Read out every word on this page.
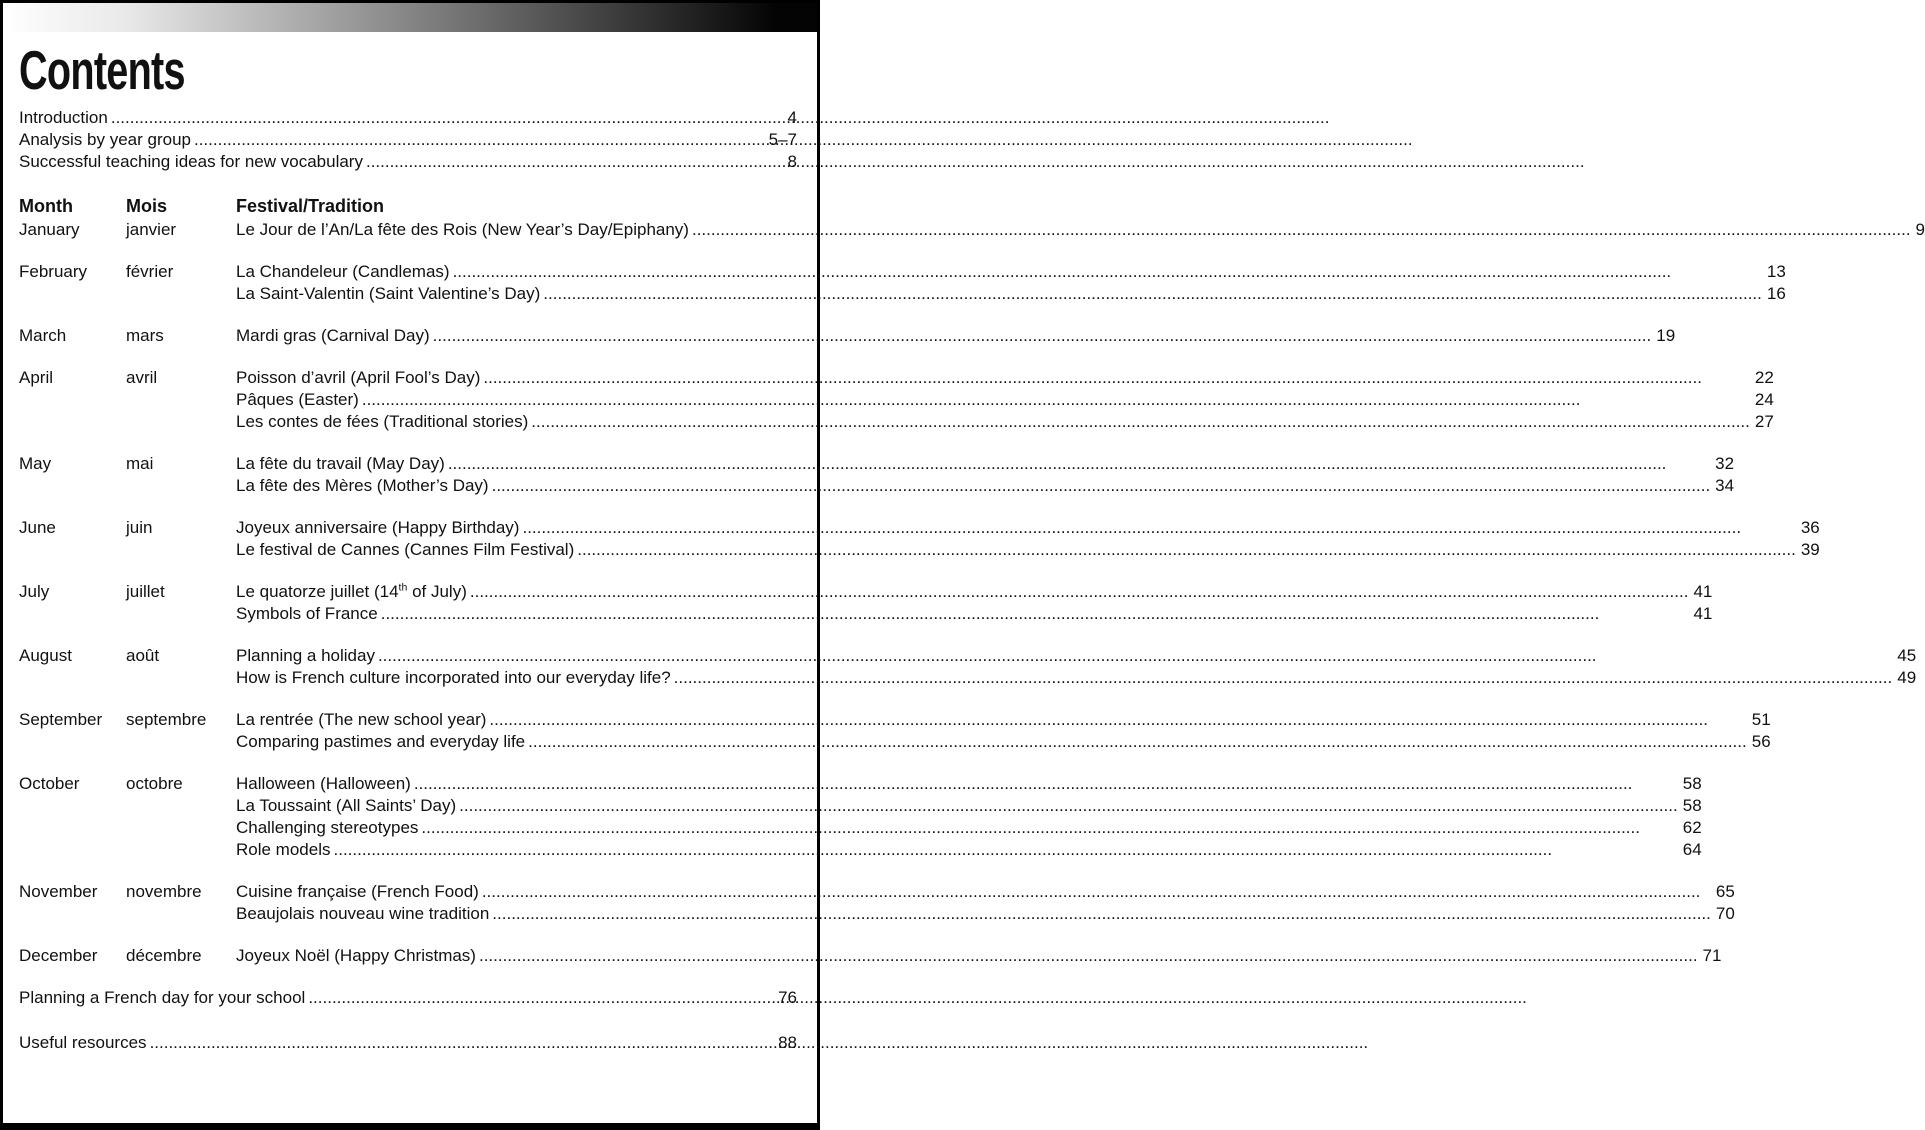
Contents
Introduction .....	4
Analysis by year group .....	5–7
Successful teaching ideas for new vocabulary .....	8
Month	Mois	Festival/Tradition
January	janvier	Le Jour de l’An/La fête des Rois (New Year’s Day/Epiphany) .....	9
February	février	La Chandeleur (Candlemas) .....	13
La Saint-Valentin (Saint Valentine’s Day) .....	16
March	mars	Mardi gras (Carnival Day) .....	19
April	avril	Poisson d’avril (April Fool’s Day) .....	22
Pâques (Easter) .....	24
Les contes de fées (Traditional stories) .....	27
May	mai	La fête du travail (May Day) .....	32
La fête des Mères (Mother’s Day) .....	34
June	juin	Joyeux anniversaire (Happy Birthday) .....	36
Le festival de Cannes (Cannes Film Festival) .....	39
July	juillet	Le quatorze juillet (14th of July) .....	41
Symbols of France .....	41
August	août	Planning a holiday .....	45
How is French culture incorporated into our everyday life? .....	49
September	septembre	La rentrée (The new school year) .....	51
Comparing pastimes and everyday life .....	56
October	octobre	Halloween (Halloween) .....	58
La Toussaint (All Saints’ Day) .....	58
Challenging stereotypes .....	62
Role models .....	64
November	novembre	Cuisine française (French Food) .....	65
Beaujolais nouveau wine tradition .....	70
December	décembre	Joyeux Noël (Happy Christmas) .....	71
Planning a French day for your school .....	76
Useful resources .....	88
